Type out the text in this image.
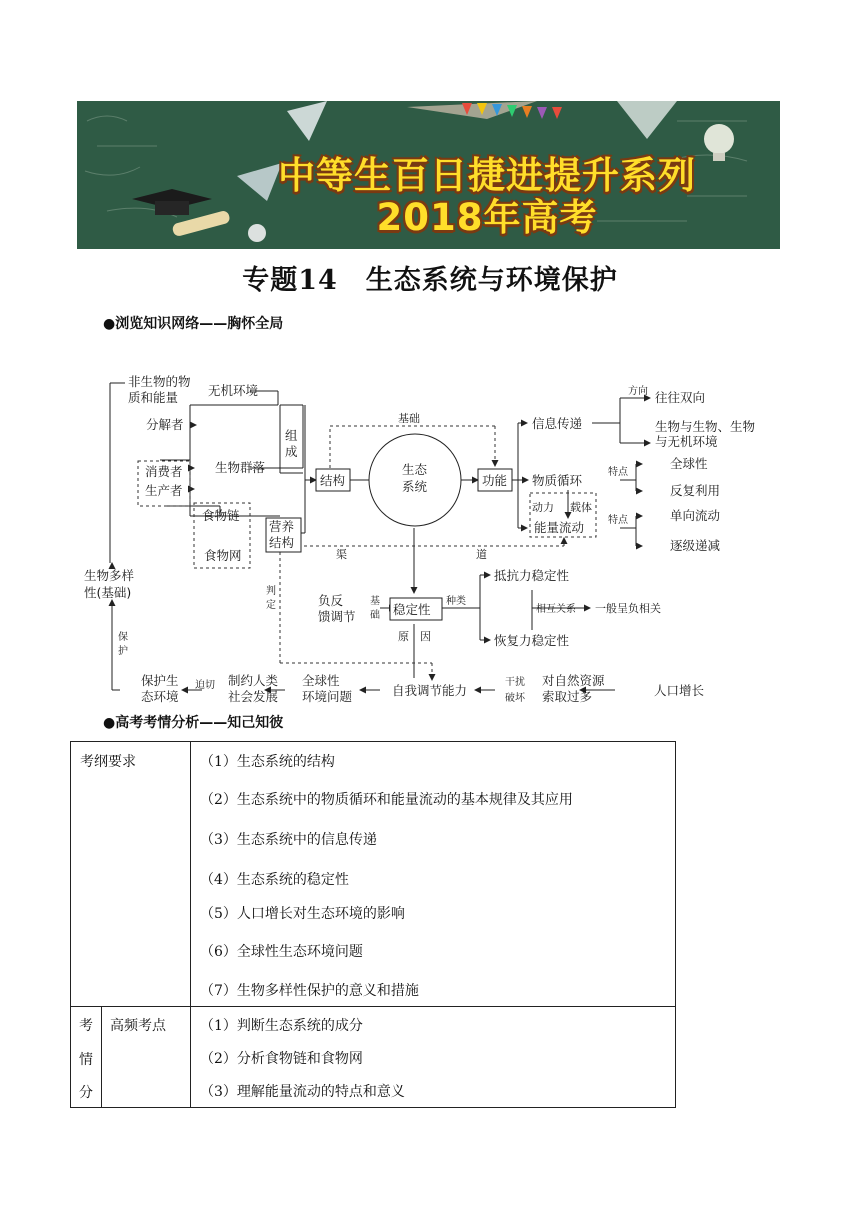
中等生百日捷进提升系列
2018年高考
专题14　生态系统与环境保护
●浏览知识网络——胸怀全局
非生物的物
质和能量 无机环境
分解者
消费者
生产者
生物群落
组
成
食物链
食物网
营养
结构
结构
基础
生态
系统	功能
渠	道
信息传递
方向 往往双向
生物与生物、生物
与无机环境
物质循环
特点
全球性
反复利用
动力 载体
能量流动 特点	单向流动
逐级递减
生物多样
性(基础)	判
定	负反
馈调节
基
础 稳定性
种类
抵抗力稳定性
相互关系 一般呈负相关
恢复力稳定性
原　因
保
护
保护生
态环境
迫切 制约人类
社会发展
全球性
环境问题	自我调节能力
干扰
破坏
对自然资源
索取过多	人口增长
●高考考情分析——知己知彼
考纲要求	（1）生态系统的结构
（2）生态系统中的物质循环和能量流动的基本规律及其应用
（3）生态系统中的信息传递
（4）生态系统的稳定性
（5）人口增长对生态环境的影响
（6）全球性生态环境问题
（7）生物多样性保护的意义和措施
考
情
分
高频考点 （1）判断生态系统的成分
（2）分析食物链和食物网
（3）理解能量流动的特点和意义
